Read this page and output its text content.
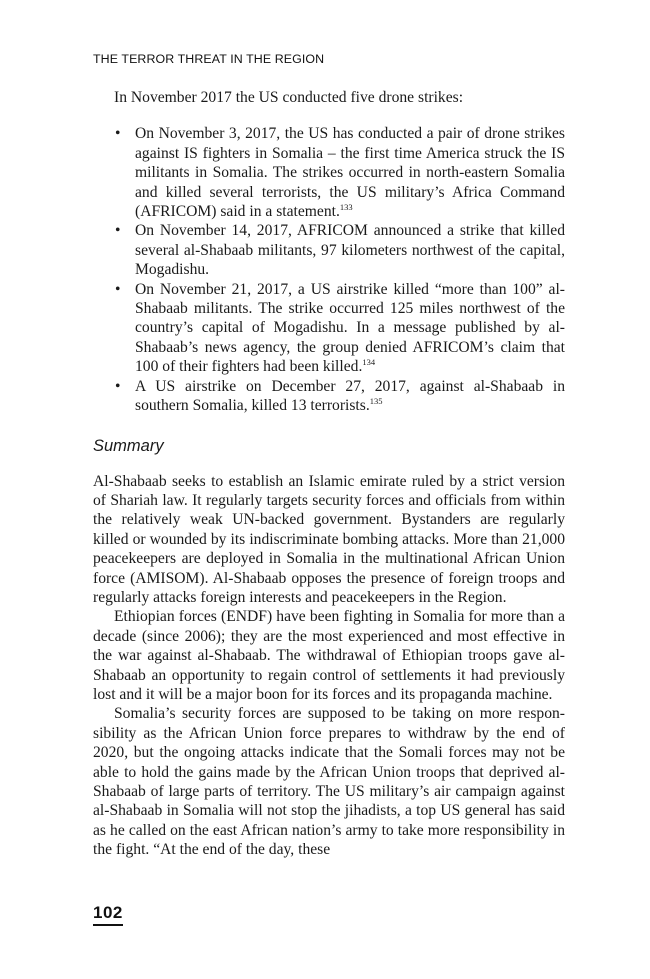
THE TERROR THREAT IN THE REGION

In November 2017 the US conducted five drone strikes:

• On November 3, 2017, the US has conducted a pair of drone strikes against IS fighters in Somalia – the first time America struck the IS militants in Somalia. The strikes occurred in north-eastern Somalia and killed several terrorists, the US military’s Africa Command (AFRICOM) said in a statement.$^{133}$
• On November 14, 2017, AFRICOM announced a strike that killed several al-Shabaab militants, 97 kilometers northwest of the capital, Mogadishu.
• On November 21, 2017, a US airstrike killed “more than 100” al-Shabaab militants. The strike occurred 125 miles northwest of the country’s capital of Mogadishu. In a message published by al-Shabaab’s news agency, the group denied AFRICOM’s claim that 100 of their fighters had been killed.$^{134}$
• A US airstrike on December 27, 2017, against al-Shabaab in southern Somalia, killed 13 terrorists.$^{135}$
Summary

Al-Shabaab seeks to establish an Islamic emirate ruled by a strict version of Shariah law. It regularly targets security forces and officials from within the relatively weak UN-backed government. Bystanders are regularly killed or wounded by its indiscriminate bombing attacks. More than 21,000 peacekeepers are deployed in Somalia in the multinational African Union force (AMISOM). Al-Shabaab opposes the presence of foreign troops and regularly attacks foreign interests and peacekeepers in the Region.

Ethiopian forces (ENDF) have been fighting in Somalia for more than a decade (since 2006); they are the most experienced and most effective in the war against al-Shabaab. The withdrawal of Ethiopian troops gave al-Shabaab an opportunity to regain control of settlements it had previously lost and it will be a major boon for its forces and its propaganda machine.

Somalia’s security forces are supposed to be taking on more respon-sibility as the African Union force prepares to withdraw by the end of 2020, but the ongoing attacks indicate that the Somali forces may not be able to hold the gains made by the African Union troops that deprived al-Shabaab of large parts of territory. The US military’s air campaign against al-Shabaab in Somalia will not stop the jihadists, a top US general has said as he called on the east African nation’s army to take more responsibility in the fight. “At the end of the day, these

102
